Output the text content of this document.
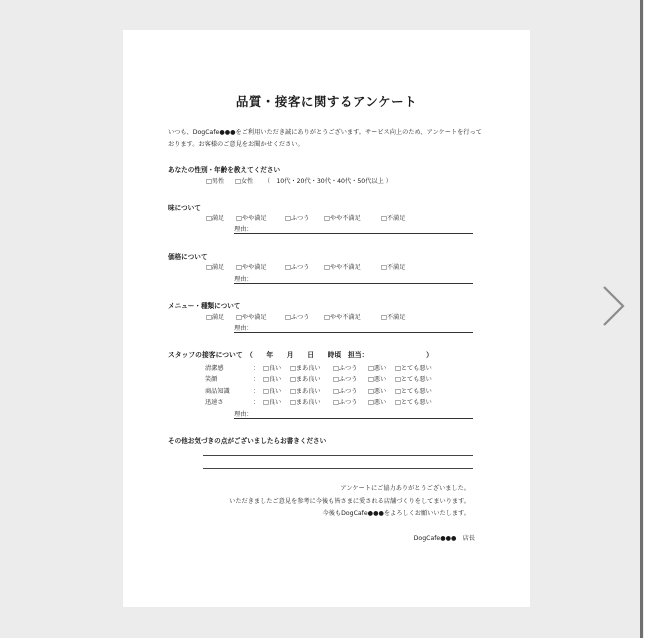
品質・接客に関するアンケート
いつも、DogCafe●●●をご利用いただき誠にありがとうございます。サービス向上のため、アンケートを行っております。お客様のご意見をお聞かせください。
あなたの性別・年齢を教えてください
□男性 □女性 （　10代・20代・30代・40代・50代以上 ）
味について
□満足 □やや満足	□ふつう □やや不満足	□不満足
理由：
価格について
□満足 □やや満足	□ふつう □やや不満足	□不満足
理由：
メニュー・種類について
□満足 □やや満足	□ふつう □やや不満足	□不満足
理由：
スタッフの接客について　（　　年　　月　　日　　時頃　担当：　　　　　　　　　）
清潔感	： □良い □まあ良い □ふつう □悪い □とても悪い
笑顔	： □良い □まあ良い □ふつう □悪い □とても悪い
商品知識	： □良い □まあ良い □ふつう □悪い □とても悪い
迅速さ	： □良い □まあ良い □ふつう □悪い □とても悪い
理由：
その他お気づきの点がございましたらお書きください
アンケートにご協力ありがとうございました。
いただきましたご意見を参考に今後も皆さまに愛される店舗づくりをしてまいります。
今後もDogCafe●●●をよろしくお願いいたします。
DogCafe●●●　店長
